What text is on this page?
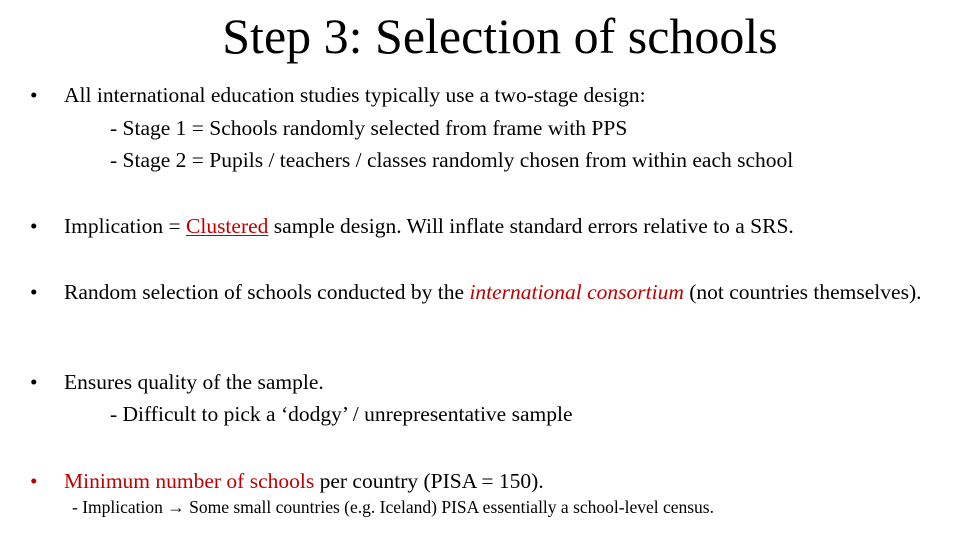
Step 3: Selection of schools
• All international education studies typically use a two-stage design:
- Stage 1 = Schools randomly selected from frame with PPS
- Stage 2 = Pupils / teachers / classes randomly chosen from within each school
• Implication = Clustered sample design. Will inflate standard errors relative to a SRS.
• Random selection of schools conducted by the international consortium (not countries themselves).
• Ensures quality of the sample.
- Difficult to pick a ‘dodgy’ / unrepresentative sample
• Minimum number of schools per country (PISA = 150).
- Implication → Some small countries (e.g. Iceland) PISA essentially a school-level census.
